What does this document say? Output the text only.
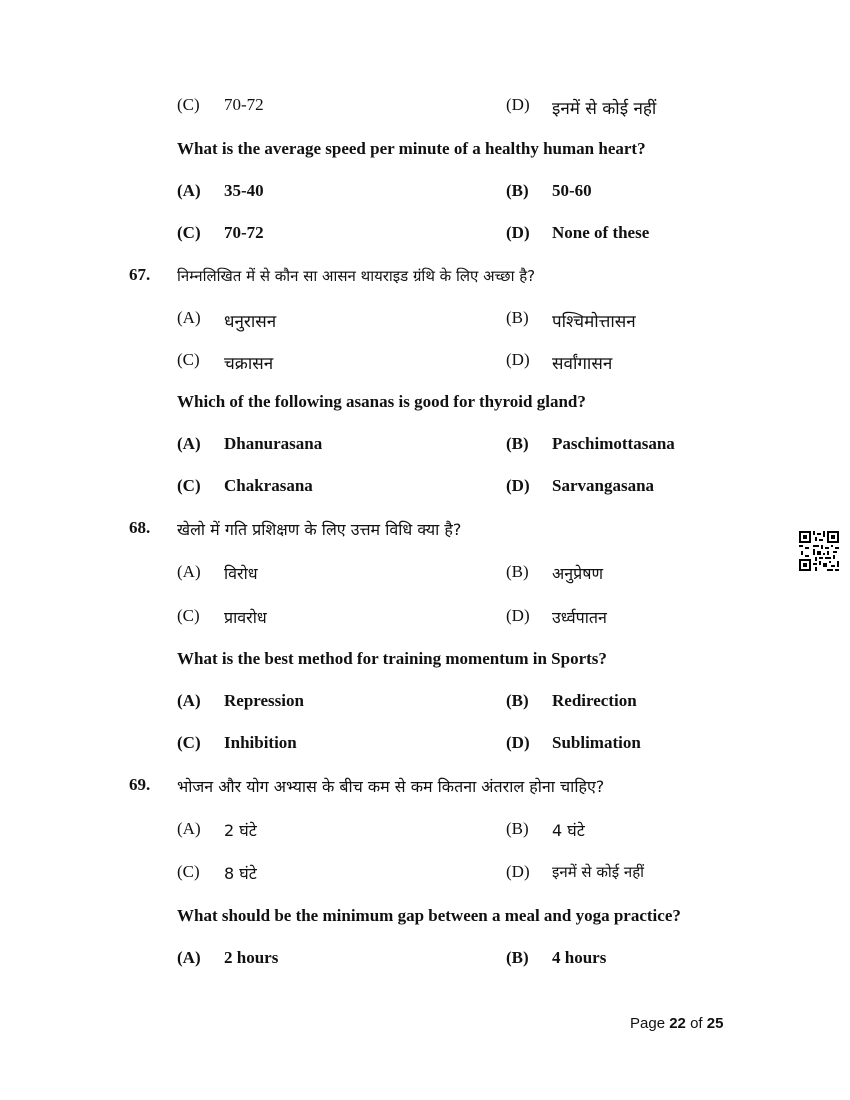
(C) 70-72	(D) इनमें से कोई नहीं
What is the average speed per minute of a healthy human heart?
(A) 35-40	(B) 50-60
(C) 70-72	(D) None of these
67. निम्नलिखित में से कौन सा आसन थायराइड ग्रंथि के लिए अच्छा है?
(A) धनुरासन	(B) पश्चिमोत्तासन
(C) चक्रासन	(D) सर्वांगासन
Which of the following asanas is good for thyroid gland?
(A) Dhanurasana	(B) Paschimottasana
(C) Chakrasana	(D) Sarvangasana
68. खेलो में गति प्रशिक्षण के लिए उत्तम विधि क्या है?
(A) विरोध	(B) अनुप्रेषण
(C) प्रावरोध	(D) उर्ध्वपातन
What is the best method for training momentum in Sports?
(A) Repression	(B) Redirection
(C) Inhibition	(D) Sublimation
69. भोजन और योग अभ्यास के बीच कम से कम कितना अंतराल होना चाहिए?
(A) 2 घंटे	(B) 4 घंटे
(C) 8 घंटे	(D) इनमें से कोई नहीं
What should be the minimum gap between a meal and yoga practice?
(A) 2 hours	(B) 4 hours
Page 22 of 25
